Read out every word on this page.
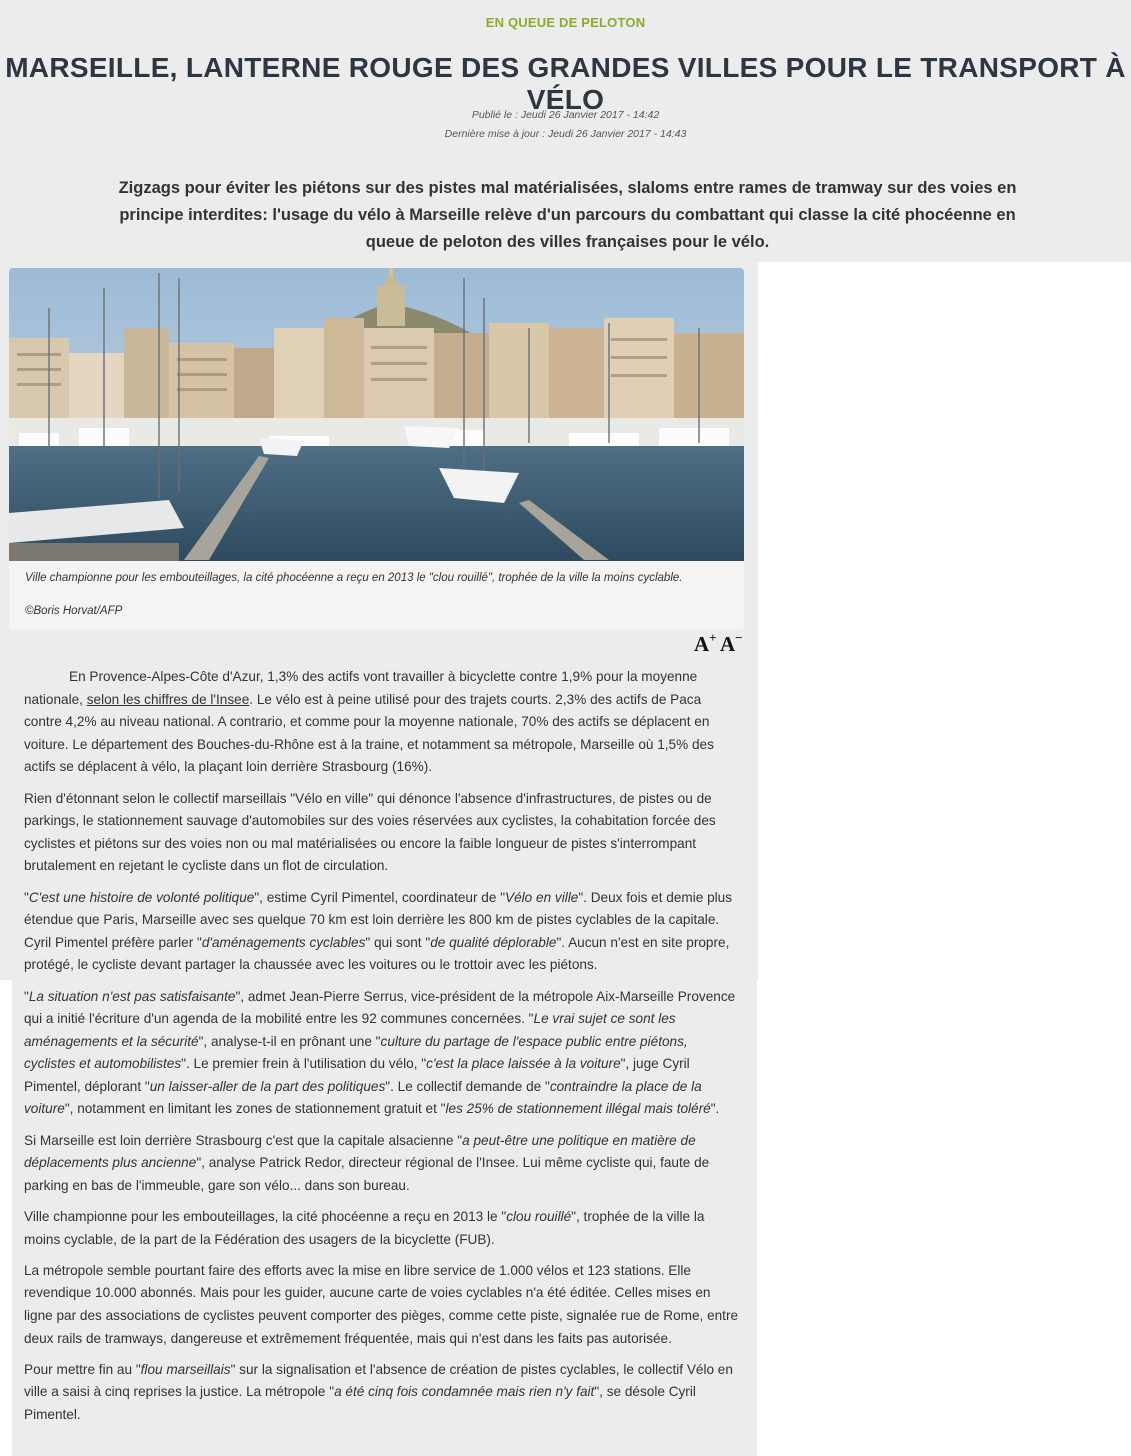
EN QUEUE DE PELOTON
MARSEILLE, LANTERNE ROUGE DES GRANDES VILLES POUR LE TRANSPORT À VÉLO
Publié le : Jeudi 26 Janvier 2017 - 14:42
Dernière mise à jour : Jeudi 26 Janvier 2017 - 14:43
Zigzags pour éviter les piétons sur des pistes mal matérialisées, slaloms entre rames de tramway sur des voies en principe interdites: l'usage du vélo à Marseille relève d'un parcours du combattant qui classe la cité phocéenne en queue de peloton des villes françaises pour le vélo.
Ville championne pour les embouteillages, la cité phocéenne a reçu en 2013 le "clou rouillé", trophée de la ville la moins cyclable.
©Boris Horvat/AFP
A+ A−

En Provence-Alpes-Côte d'Azur, 1,3% des actifs vont travailler à bicyclette contre 1,9% pour la moyenne nationale, selon les chiffres de l'Insee. Le vélo est à peine utilisé pour des trajets courts. 2,3% des actifs de Paca contre 4,2% au niveau national. A contrario, et comme pour la moyenne nationale, 70% des actifs se déplacent en voiture. Le département des Bouches-du-Rhône est à la traine, et notamment sa métropole, Marseille où 1,5% des actifs se déplacent à vélo, la plaçant loin derrière Strasbourg (16%).

Rien d'étonnant selon le collectif marseillais "Vélo en ville" qui dénonce l'absence d'infrastructures, de pistes ou de parkings, le stationnement sauvage d'automobiles sur des voies réservées aux cyclistes, la cohabitation forcée des cyclistes et piétons sur des voies non ou mal matérialisées ou encore la faible longueur de pistes s'interrompant brutalement en rejetant le cycliste dans un flot de circulation.

"C'est une histoire de volonté politique", estime Cyril Pimentel, coordinateur de "Vélo en ville". Deux fois et demie plus étendue que Paris, Marseille avec ses quelque 70 km est loin derrière les 800 km de pistes cyclables de la capitale. Cyril Pimentel préfère parler "d'aménagements cyclables" qui sont "de qualité déplorable". Aucun n'est en site propre, protégé, le cycliste devant partager la chaussée avec les voitures ou le trottoir avec les piétons.

"La situation n'est pas satisfaisante", admet Jean-Pierre Serrus, vice-président de la métropole Aix-Marseille Provence qui a initié l'écriture d'un agenda de la mobilité entre les 92 communes concernées. "Le vrai sujet ce sont les aménagements et la sécurité", analyse-t-il en prônant une "culture du partage de l'espace public entre piétons, cyclistes et automobilistes". Le premier frein à l'utilisation du vélo, "c'est la place laissée à la voiture", juge Cyril Pimentel, déplorant "un laisser-aller de la part des politiques". Le collectif demande de "contraindre la place de la voiture", notamment en limitant les zones de stationnement gratuit et "les 25% de stationnement illégal mais toléré".

Si Marseille est loin derrière Strasbourg c'est que la capitale alsacienne "a peut-être une politique en matière de déplacements plus ancienne", analyse Patrick Redor, directeur régional de l'Insee. Lui même cycliste qui, faute de parking en bas de l'immeuble, gare son vélo... dans son bureau.

Ville championne pour les embouteillages, la cité phocéenne a reçu en 2013 le "clou rouillé", trophée de la ville la moins cyclable, de la part de la Fédération des usagers de la bicyclette (FUB).

La métropole semble pourtant faire des efforts avec la mise en libre service de 1.000 vélos et 123 stations. Elle revendique 10.000 abonnés. Mais pour les guider, aucune carte de voies cyclables n'a été éditée. Celles mises en ligne par des associations de cyclistes peuvent comporter des pièges, comme cette piste, signalée rue de Rome, entre deux rails de tramways, dangereuse et extrêmement fréquentée, mais qui n'est dans les faits pas autorisée.

Pour mettre fin au "flou marseillais" sur la signalisation et l'absence de création de pistes cyclables, le collectif Vélo en ville a saisi à cinq reprises la justice. La métropole "a été cinq fois condamnée mais rien n'y fait", se désole Cyril Pimentel.
